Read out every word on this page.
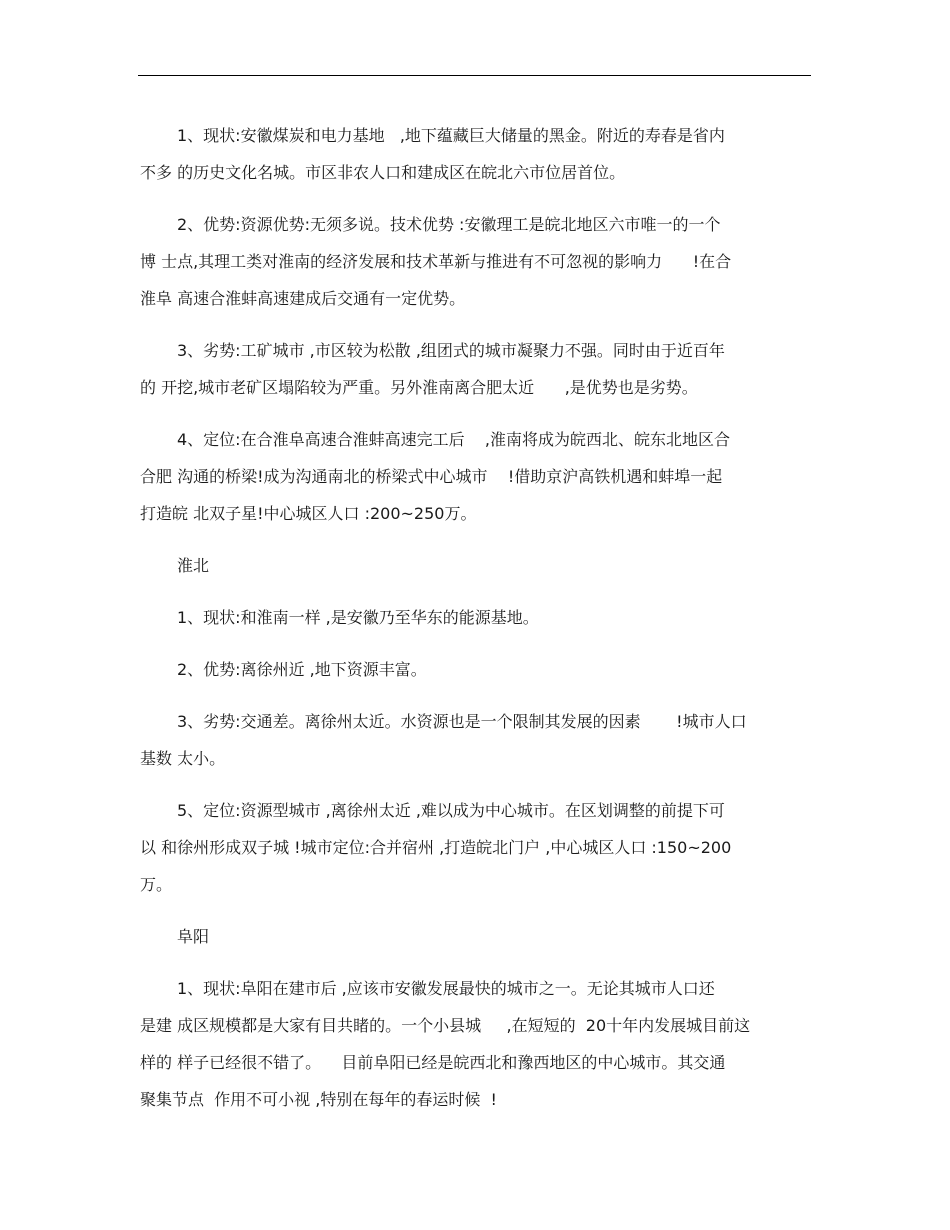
1、现状:安徽煤炭和电力基地   ,地下蕴藏巨大储量的黑金。附近的寿春是省内
不多 的历史文化名城。市区非农人口和建成区在皖北六市位居首位。
2、优势:资源优势:无须多说。技术优势 :安徽理工是皖北地区六市唯一的一个
博 士点,其理工类对淮南的经济发展和技术革新与推进有不可忽视的影响力      !在合
淮阜 高速合淮蚌高速建成后交通有一定优势。
3、劣势:工矿城市 ,市区较为松散 ,组团式的城市凝聚力不强。同时由于近百年
的 开挖,城市老矿区塌陷较为严重。另外淮南离合肥太近      ,是优势也是劣势。
4、定位:在合淮阜高速合淮蚌高速完工后    ,淮南将成为皖西北、皖东北地区合
合肥 沟通的桥梁!成为沟通南北的桥梁式中心城市    !借助京沪高铁机遇和蚌埠一起
打造皖 北双子星!中心城区人口 :200~250万。
淮北
1、现状:和淮南一样 ,是安徽乃至华东的能源基地。
2、优势:离徐州近 ,地下资源丰富。
3、劣势:交通差。离徐州太近。水资源也是一个限制其发展的因素       !城市人口
基数 太小。
5、定位:资源型城市 ,离徐州太近 ,难以成为中心城市。在区划调整的前提下可
以 和徐州形成双子城 !城市定位:合并宿州 ,打造皖北门户 ,中心城区人口 :150~200
万。
阜阳
1、现状:阜阳在建市后 ,应该市安徽发展最快的城市之一。无论其城市人口还
是建 成区规模都是大家有目共睹的。一个小县城     ,在短短的  20十年内发展城目前这
样的 样子已经很不错了。    目前阜阳已经是皖西北和豫西地区的中心城市。其交通
聚集节点  作用不可小视 ,特别在每年的春运时候  !
